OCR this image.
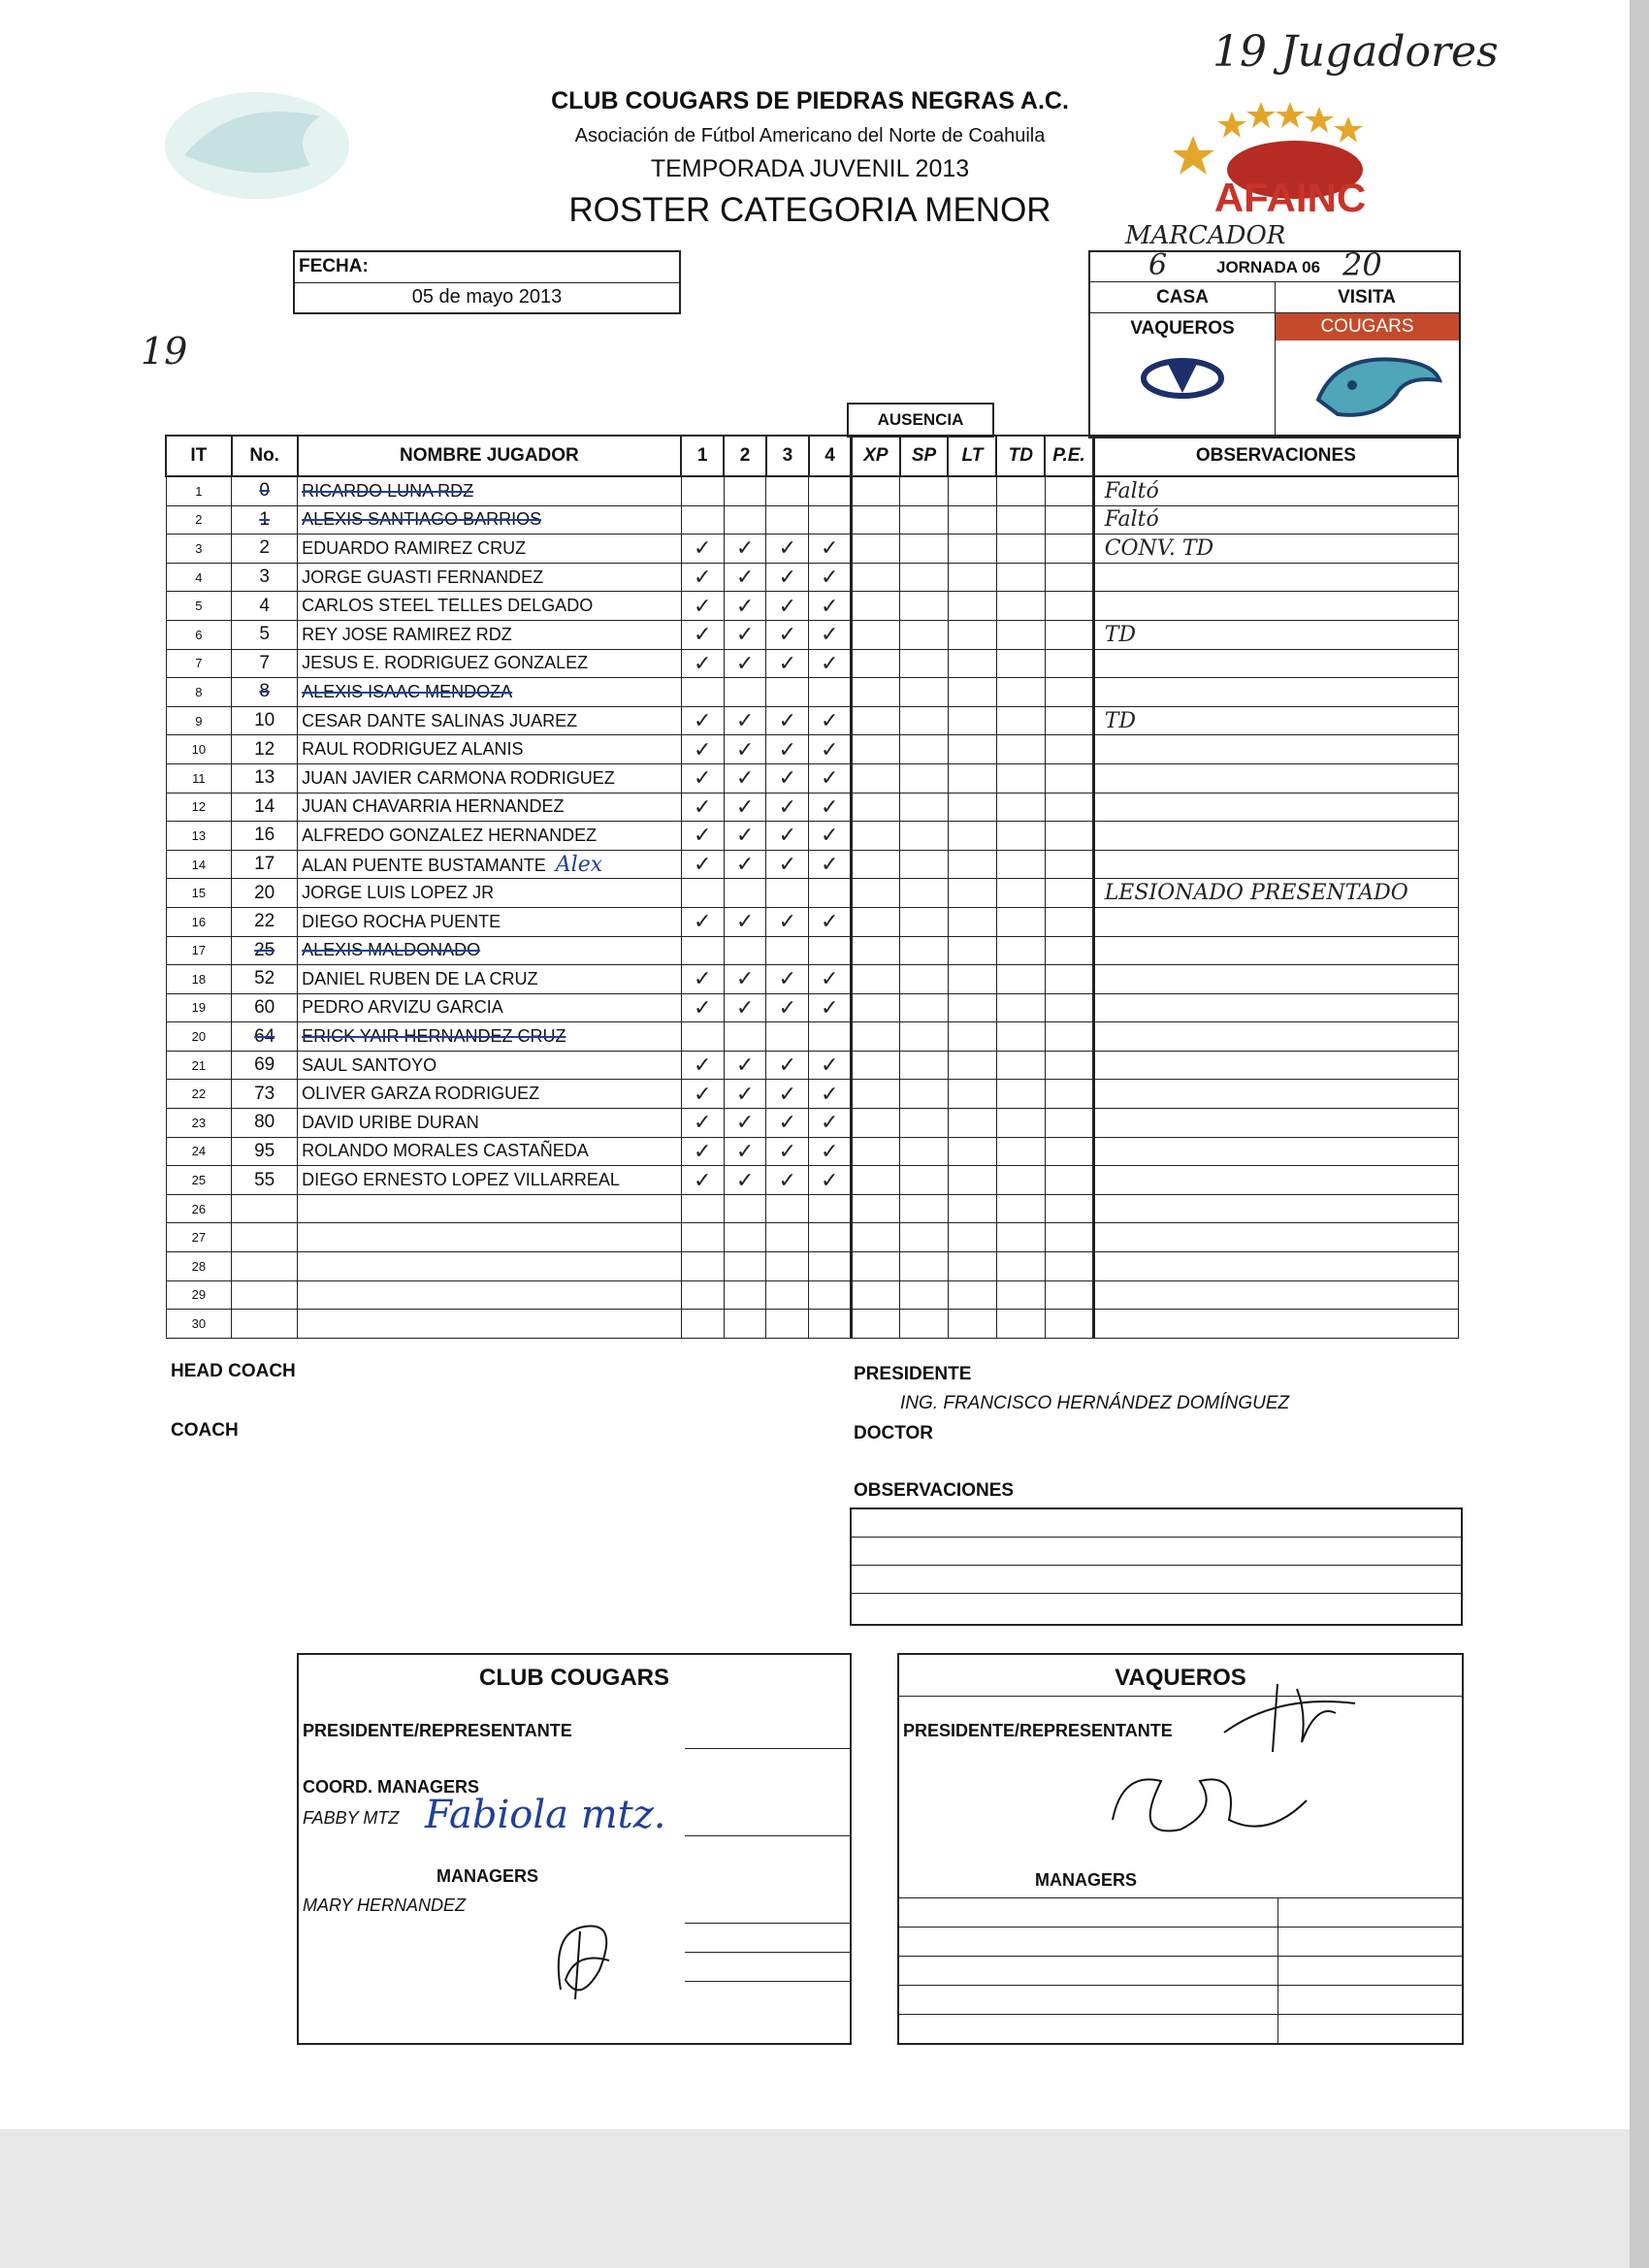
CLUB COUGARS DE PIEDRAS NEGRAS A.C.
Asociación de Fútbol Americano del Norte de Coahuila
TEMPORADA JUVENIL 2013
ROSTER CATEGORIA MENOR
19 Jugadores
19
AFAINC
MARCADOR
FECHA:
05 de mayo 2013
6	JORNADA 06 20
CASA	VISITA
VAQUEROS	COUGARS
AUSENCIA
IT	No.	NOMBRE JUGADOR	1	2	3	4	XP	SP	LT	TD	P.E.	OBSERVACIONES
1	0	RICARDO LUNA RDZ										Faltó
2	1	ALEXIS SANTIAGO BARRIOS										Faltó
3	2	EDUARDO RAMIREZ CRUZ	✓	✓	✓	✓						CONV. TD
4	3	JORGE GUASTI FERNANDEZ	✓	✓	✓	✓						
5	4	CARLOS STEEL TELLES DELGADO	✓	✓	✓	✓						
6	5	REY JOSE RAMIREZ RDZ	✓	✓	✓	✓						TD
7	7	JESUS E. RODRIGUEZ GONZALEZ	✓	✓	✓	✓						
8	8	ALEXIS ISAAC MENDOZA										
9	10	CESAR DANTE SALINAS JUAREZ	✓	✓	✓	✓						TD
10	12	RAUL RODRIGUEZ ALANIS	✓	✓	✓	✓						
11	13	JUAN JAVIER CARMONA RODRIGUEZ	✓	✓	✓	✓						
12	14	JUAN CHAVARRIA HERNANDEZ	✓	✓	✓	✓						
13	16	ALFREDO GONZALEZ HERNANDEZ	✓	✓	✓	✓						
14	17	ALAN PUENTE BUSTAMANTE Alex	✓	✓	✓	✓						
15	20	JORGE LUIS LOPEZ JR										LESIONADO PRESENTADO
16	22	DIEGO ROCHA PUENTE	✓	✓	✓	✓						
17	25	ALEXIS MALDONADO										
18	52	DANIEL RUBEN DE LA CRUZ	✓	✓	✓	✓						
19	60	PEDRO ARVIZU GARCIA	✓	✓	✓	✓						
20	64	ERICK YAIR HERNANDEZ CRUZ										
21	69	SAUL SANTOYO	✓	✓	✓	✓						
22	73	OLIVER GARZA RODRIGUEZ	✓	✓	✓	✓						
23	80	DAVID URIBE DURAN	✓	✓	✓	✓						
24	95	ROLANDO MORALES CASTAÑEDA	✓	✓	✓	✓						
25	55	DIEGO ERNESTO LOPEZ VILLARREAL	✓	✓	✓	✓						
26												
27												
28												
29												
30												
HEAD COACH
COACH
PRESIDENTE
ING. FRANCISCO HERNÁNDEZ DOMÍNGUEZ
DOCTOR
OBSERVACIONES
CLUB COUGARS
PRESIDENTE/REPRESENTANTE
COORD. MANAGERS
FABBY MTZ Fabiola mtz.
MANAGERS
MARY HERNANDEZ
VAQUEROS
PRESIDENTE/REPRESENTANTE
MANAGERS
